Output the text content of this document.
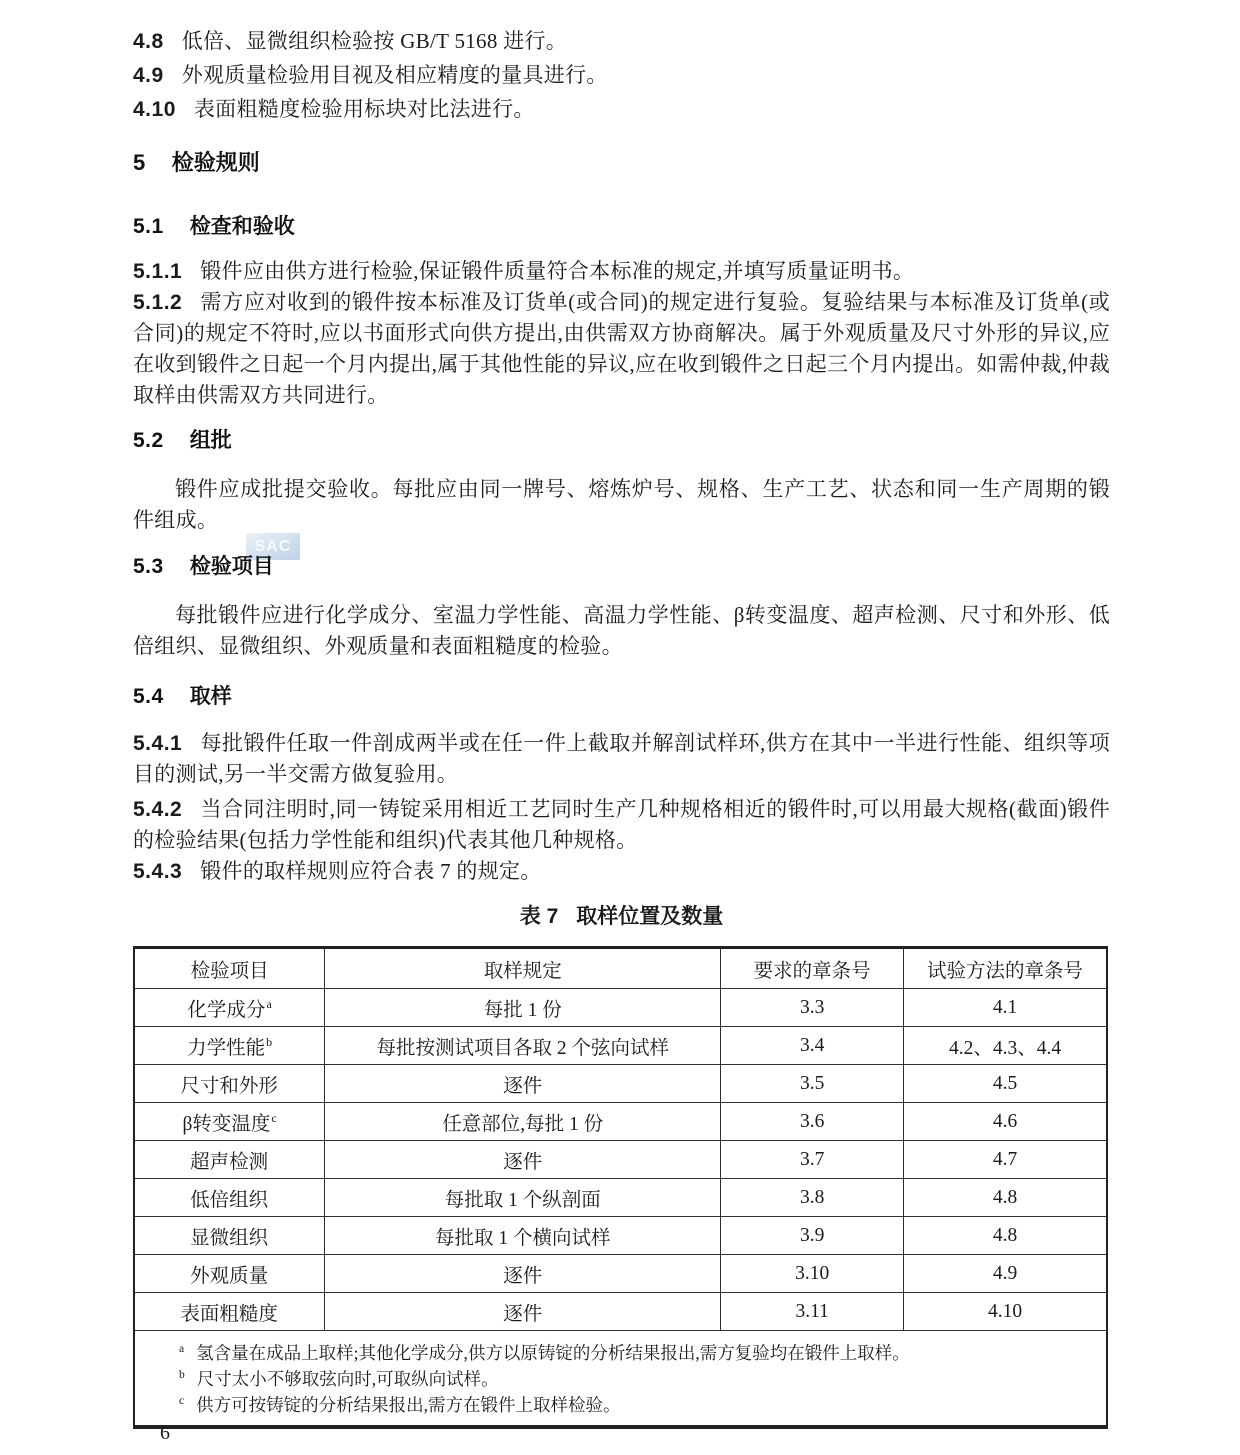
SAC

4.8 低倍、显微组织检验按 GB/T 5168 进行。

4.9 外观质量检验用目视及相应精度的量具进行。

4.10 表面粗糙度检验用标块对比法进行。

5 检验规则
5.1 检查和验收

5.1.1 锻件应由供方进行检验,保证锻件质量符合本标准的规定,并填写质量证明书。

5.1.2 需方应对收到的锻件按本标准及订货单(或合同)的规定进行复验。复验结果与本标准及订货单(或合同)的规定不符时,应以书面形式向供方提出,由供需双方协商解决。属于外观质量及尺寸外形的异议,应在收到锻件之日起一个月内提出,属于其他性能的异议,应在收到锻件之日起三个月内提出。如需仲裁,仲裁取样由供需双方共同进行。

5.2 组批

锻件应成批提交验收。每批应由同一牌号、熔炼炉号、规格、生产工艺、状态和同一生产周期的锻件组成。

5.3 检验项目

每批锻件应进行化学成分、室温力学性能、高温力学性能、β转变温度、超声检测、尺寸和外形、低倍组织、显微组织、外观质量和表面粗糙度的检验。

5.4 取样

5.4.1 每批锻件任取一件剖成两半或在任一件上截取并解剖试样环,供方在其中一半进行性能、组织等项目的测试,另一半交需方做复验用。

5.4.2 当合同注明时,同一铸锭采用相近工艺同时生产几种规格相近的锻件时,可以用最大规格(截面)锻件的检验结果(包括力学性能和组织)代表其他几种规格。

5.4.3 锻件的取样规则应符合表 7 的规定。

表 7 取样位置及数量

检验项目	取样规定	要求的章条号	试验方法的章条号
化学成分$^a$	每批 1 份	3.3	4.1
力学性能$^b$	每批按测试项目各取 2 个弦向试样	3.4	4.2、4.3、4.4
尺寸和外形	逐件	3.5	4.5
β转变温度$^c$	任意部位,每批 1 份	3.6	4.6
超声检测	逐件	3.7	4.7
低倍组织	每批取 1 个纵剖面	3.8	4.8
显微组织	每批取 1 个横向试样	3.9	4.8
外观质量	逐件	3.10	4.9
表面粗糙度	逐件	3.11	4.10

$^a$ 氢含量在成品上取样;其他化学成分,供方以原铸锭的分析结果报出,需方复验均在锻件上取样。
$^b$ 尺寸太小不够取弦向时,可取纵向试样。
$^c$ 供方可按铸锭的分析结果报出,需方在锻件上取样检验。			
6
